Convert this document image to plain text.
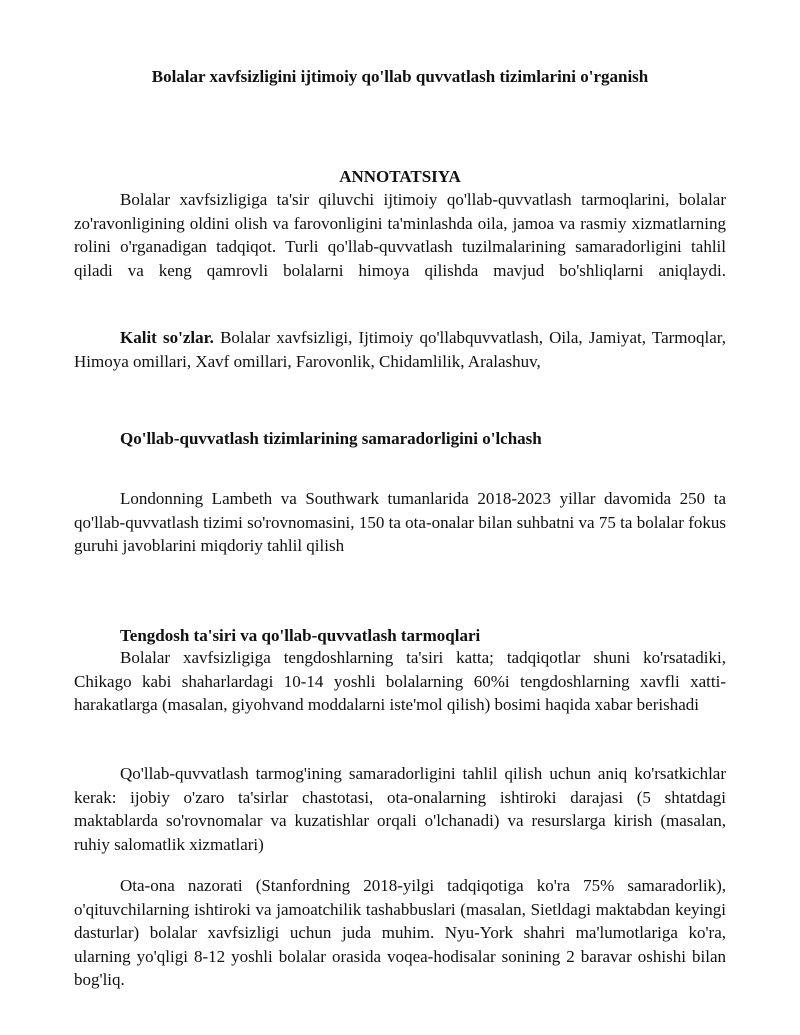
Bolalar xavfsizligini ijtimoiy qo'llab quvvatlash tizimlarini o'rganish
ANNOTATSIYA

Bolalar xavfsizligiga ta'sir qiluvchi ijtimoiy qo'llab-quvvatlash tarmoqlarini, bolalar zo'ravonligining oldini olish va farovonligini ta'minlashda oila, jamoa va rasmiy xizmatlarning rolini o'rganadigan tadqiqot. Turli qo'llab-quvvatlash tuzilmalarining samaradorligini tahlil qiladi va keng qamrovli bolalarni himoya qilishda mavjud bo'shliqlarni aniqlaydi.

Kalit so'zlar. Bolalar xavfsizligi, Ijtimoiy qo'llabquvvatlash, Oila, Jamiyat, Tarmoqlar, Himoya omillari, Xavf omillari, Farovonlik, Chidamlilik, Aralashuv,

Qo'llab-quvvatlash tizimlarining samaradorligini o'lchash

Londonning Lambeth va Southwark tumanlarida 2018-2023 yillar davomida 250 ta qo'llab-quvvatlash tizimi so'rovnomasini, 150 ta ota-onalar bilan suhbatni va 75 ta bolalar fokus guruhi javoblarini miqdoriy tahlil qilish

Tengdosh ta'siri va qo'llab-quvvatlash tarmoqlari

Bolalar xavfsizligiga tengdoshlarning ta'siri katta; tadqiqotlar shuni ko'rsatadiki, Chikago kabi shaharlardagi 10-14 yoshli bolalarning 60%i tengdoshlarning xavfli xatti-harakatlarga (masalan, giyohvand moddalarni iste'mol qilish) bosimi haqida xabar berishadi

Qo'llab-quvvatlash tarmog'ining samaradorligini tahlil qilish uchun aniq ko'rsatkichlar kerak: ijobiy o'zaro ta'sirlar chastotasi, ota-onalarning ishtiroki darajasi (5 shtatdagi maktablarda so'rovnomalar va kuzatishlar orqali o'lchanadi) va resurslarga kirish (masalan, ruhiy salomatlik xizmatlari)

Ota-ona nazorati (Stanfordning 2018-yilgi tadqiqotiga ko'ra 75% samaradorlik), o'qituvchilarning ishtiroki va jamoatchilik tashabbuslari (masalan, Sietldagi maktabdan keyingi dasturlar) bolalar xavfsizligi uchun juda muhim. Nyu-York shahri ma'lumotlariga ko'ra, ularning yo'qligi 8-12 yoshli bolalar orasida voqea-hodisalar sonining 2 baravar oshishi bilan bog'liq.
